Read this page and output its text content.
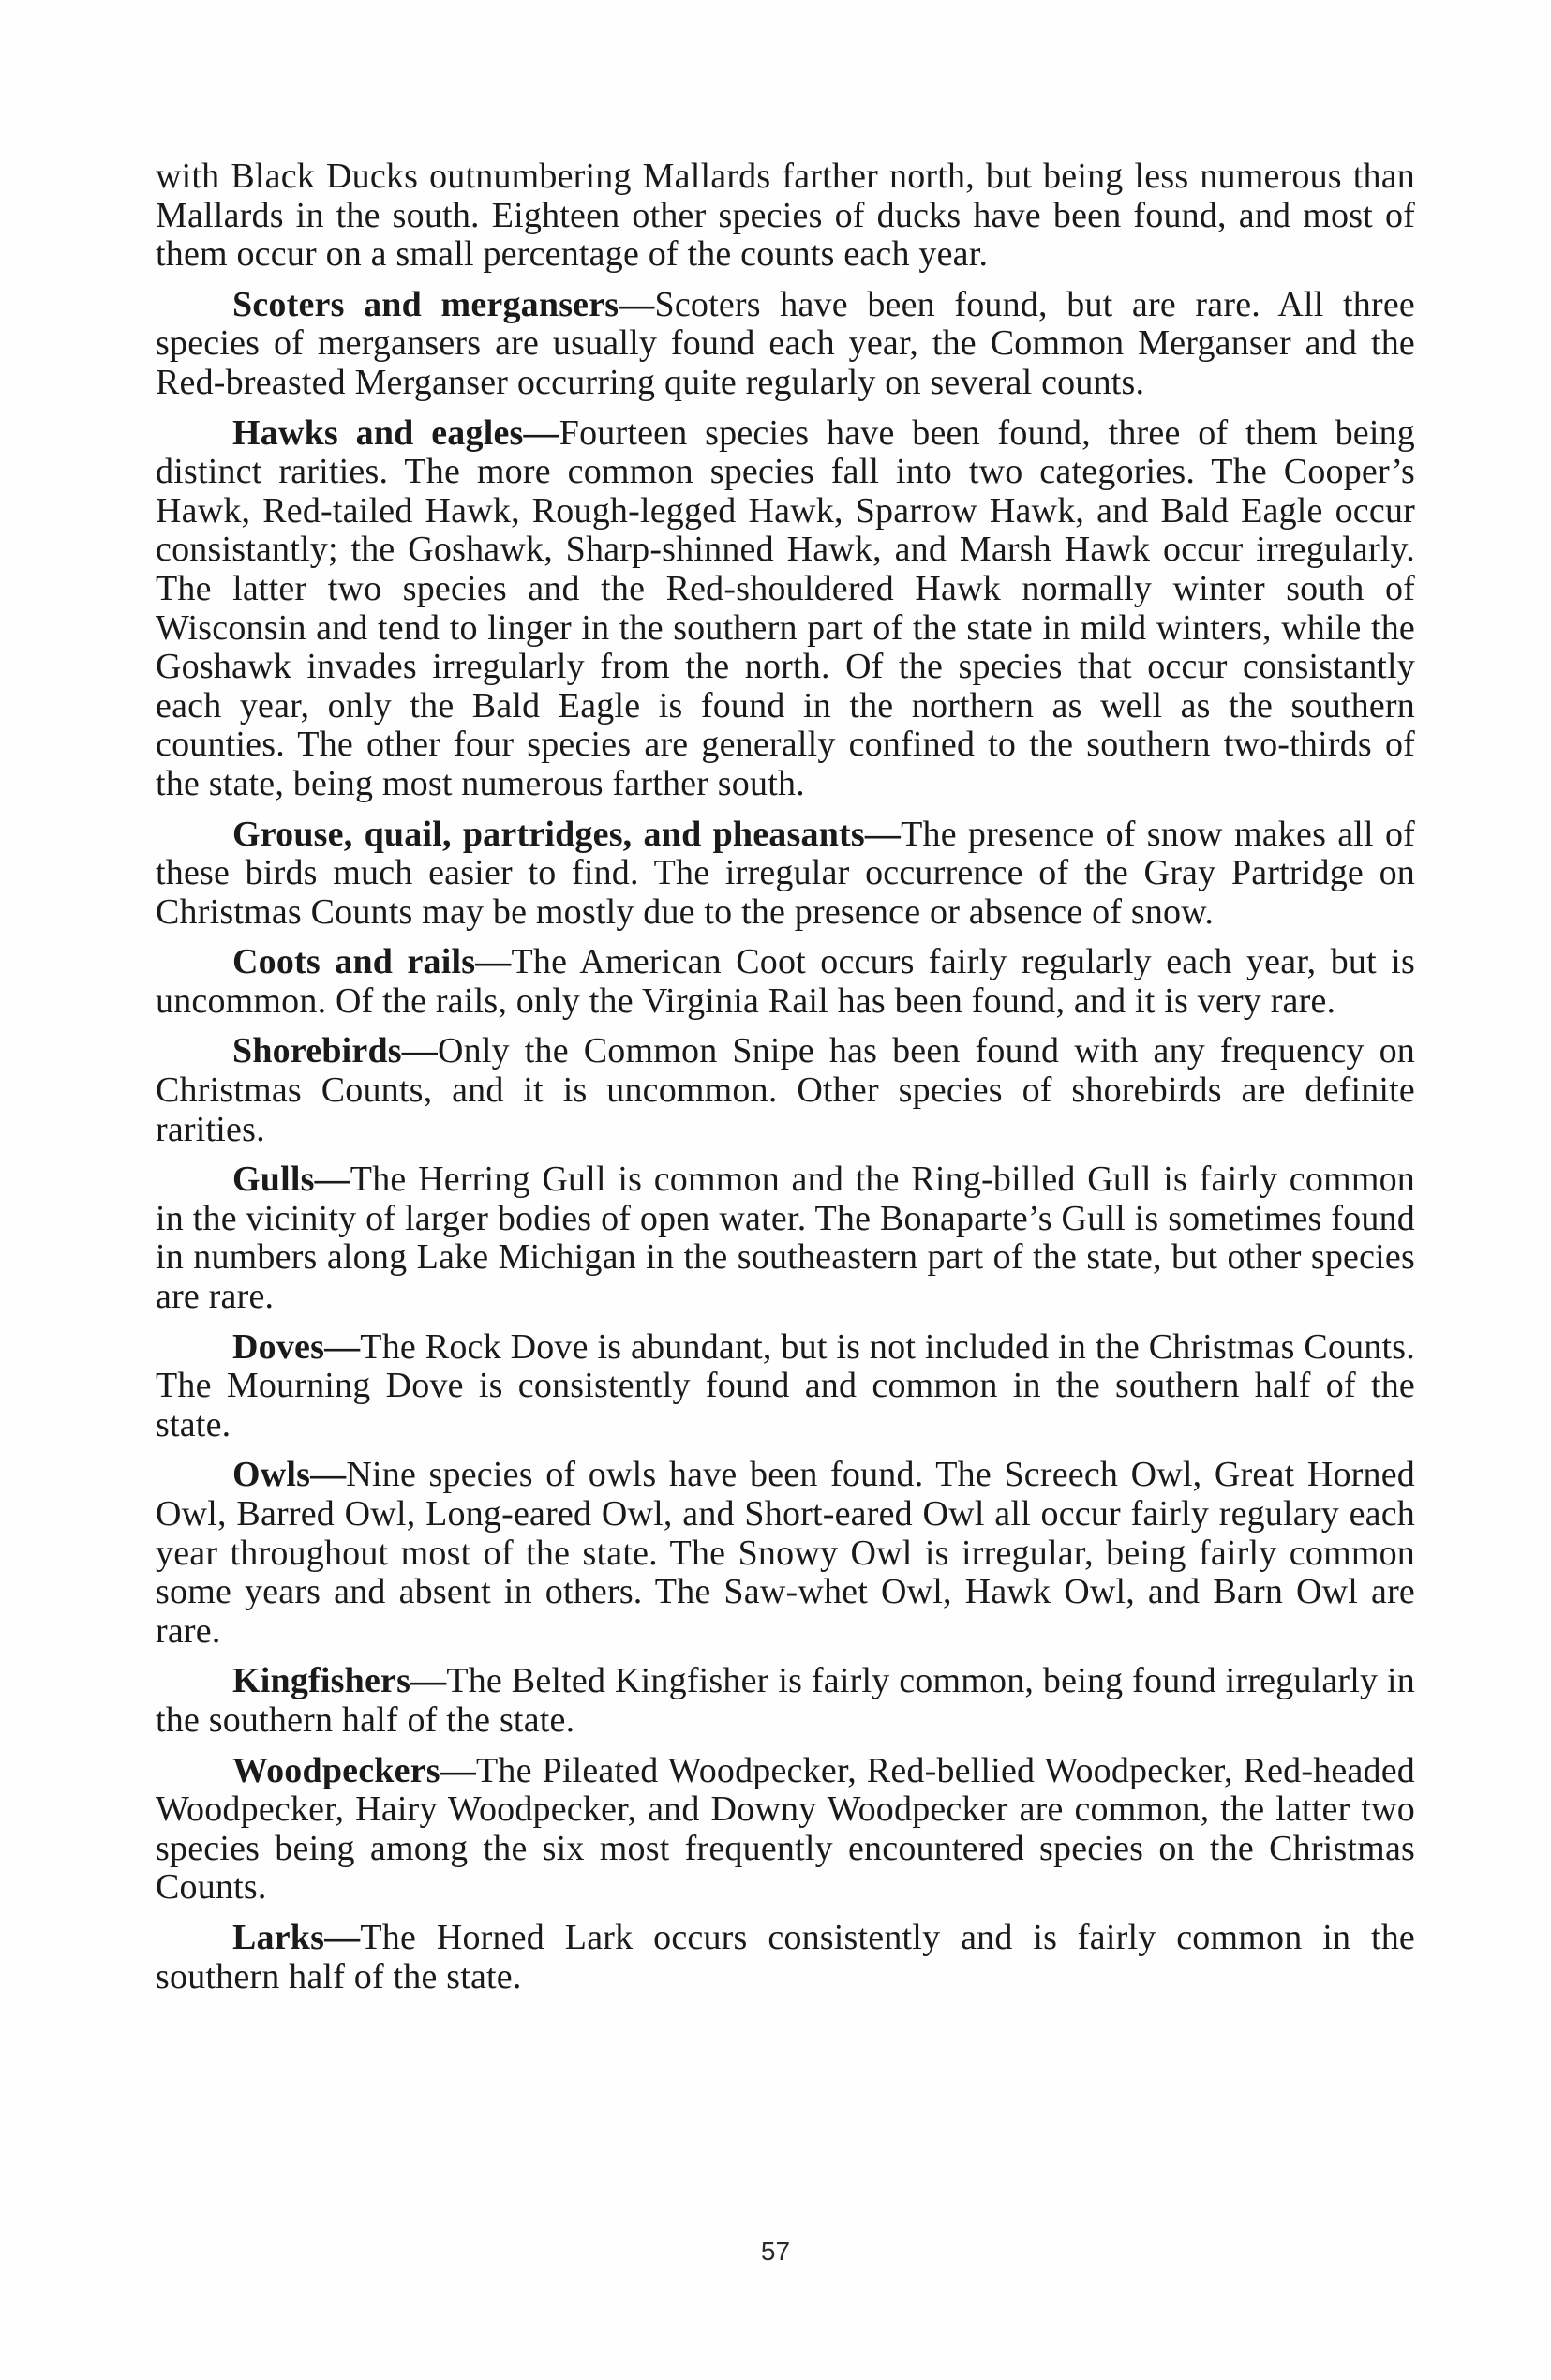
with Black Ducks outnumbering Mallards farther north, but being less numerous than Mallards in the south. Eighteen other species of ducks have been found, and most of them occur on a small percentage of the counts each year.

Scoters and mergansers—Scoters have been found, but are rare. All three species of mergansers are usually found each year, the Common Merganser and the Red-breasted Merganser occurring quite regularly on several counts.

Hawks and eagles—Fourteen species have been found, three of them being distinct rarities. The more common species fall into two categories. The Cooper’s Hawk, Red-tailed Hawk, Rough-legged Hawk, Sparrow Hawk, and Bald Eagle occur consistantly; the Goshawk, Sharp-shinned Hawk, and Marsh Hawk occur irregularly. The latter two species and the Red-shouldered Hawk normally winter south of Wisconsin and tend to linger in the southern part of the state in mild winters, while the Goshawk invades irregularly from the north. Of the species that occur consistantly each year, only the Bald Eagle is found in the northern as well as the southern counties. The other four species are generally confined to the southern two-thirds of the state, being most numerous farther south.

Grouse, quail, partridges, and pheasants—The presence of snow makes all of these birds much easier to find. The irregular occurrence of the Gray Partridge on Christmas Counts may be mostly due to the presence or absence of snow.

Coots and rails—The American Coot occurs fairly regularly each year, but is uncommon. Of the rails, only the Virginia Rail has been found, and it is very rare.

Shorebirds—Only the Common Snipe has been found with any frequency on Christmas Counts, and it is uncommon. Other species of shorebirds are definite rarities.

Gulls—The Herring Gull is common and the Ring-billed Gull is fairly common in the vicinity of larger bodies of open water. The Bonaparte’s Gull is sometimes found in numbers along Lake Michigan in the southeastern part of the state, but other species are rare.

Doves—The Rock Dove is abundant, but is not included in the Christmas Counts. The Mourning Dove is consistently found and common in the southern half of the state.

Owls—Nine species of owls have been found. The Screech Owl, Great Horned Owl, Barred Owl, Long-eared Owl, and Short-eared Owl all occur fairly regulary each year throughout most of the state. The Snowy Owl is irregular, being fairly common some years and absent in others. The Saw-whet Owl, Hawk Owl, and Barn Owl are rare.

Kingfishers—The Belted Kingfisher is fairly common, being found irregularly in the southern half of the state.

Woodpeckers—The Pileated Woodpecker, Red-bellied Woodpecker, Red-headed Woodpecker, Hairy Woodpecker, and Downy Woodpecker are common, the latter two species being among the six most frequently encountered species on the Christmas Counts.

Larks—The Horned Lark occurs consistently and is fairly common in the southern half of the state.

57
